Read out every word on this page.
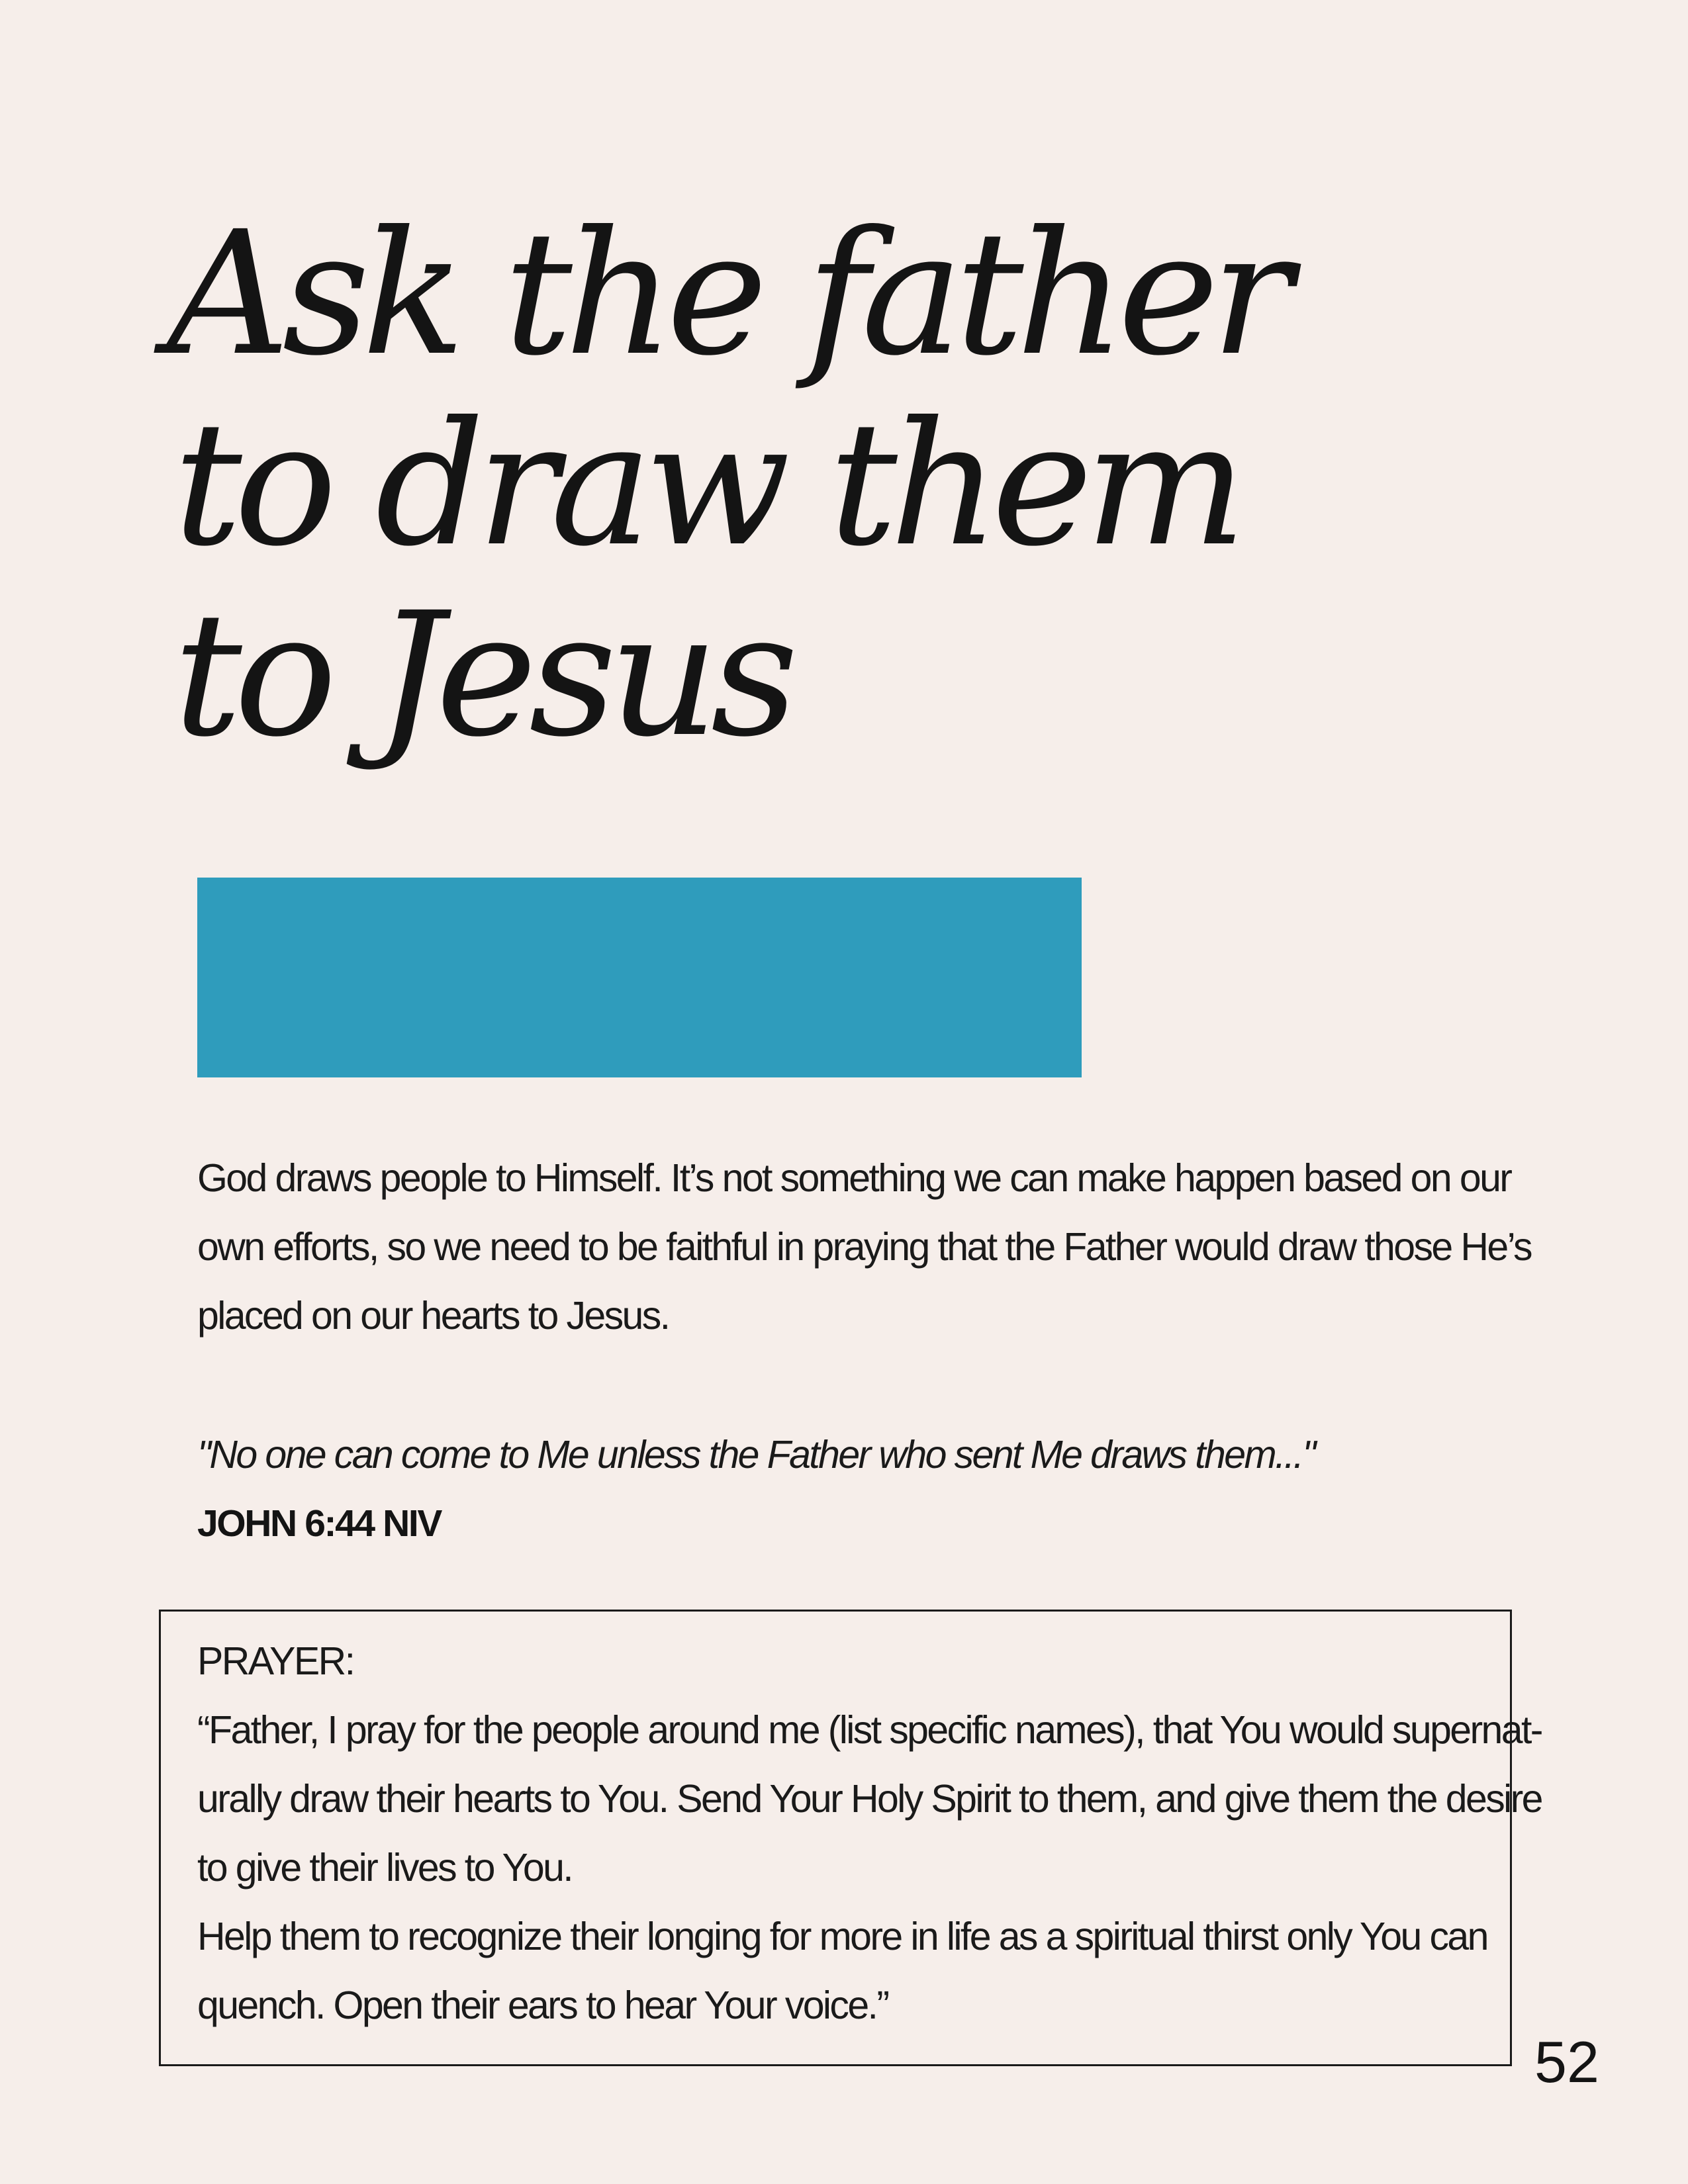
Ask the father
to draw them
to Jesus

God draws people to Himself. It’s not something we can make happen based on our
own efforts, so we need to be faithful in praying that the Father would draw those He’s
placed on our hearts to Jesus.

"No one can come to Me unless the Father who sent Me draws them..."

JOHN 6:44 NIV

PRAYER:
“Father, I pray for the people around me (list specific names), that You would supernat-
urally draw their hearts to You. Send Your Holy Spirit to them, and give them the desire
to give their lives to You.
Help them to recognize their longing for more in life as a spiritual thirst only You can
quench. Open their ears to hear Your voice.”

52
